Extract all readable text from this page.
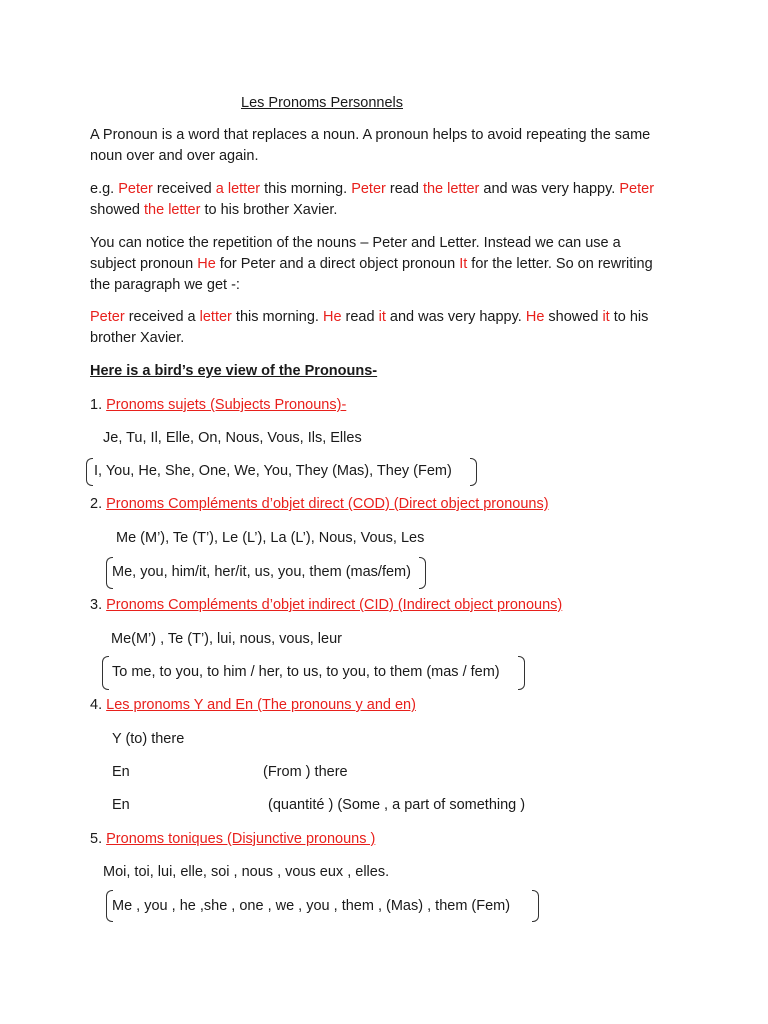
Les Pronoms Personnels
A Pronoun is a word that replaces a noun. A pronoun helps to avoid repeating the same
noun over and over again.
e.g. Peter received a letter this morning. Peter read the letter and was very happy. Peter
showed the letter to his brother Xavier.
You can notice the repetition of the nouns – Peter and Letter. Instead we can use a
subject pronoun He for Peter and a direct object pronoun It for the letter. So on rewriting
the paragraph we get -:
Peter received a letter this morning. He read it and was very happy. He showed it to his
brother Xavier.
Here is a bird’s eye view of the Pronouns-
1. Pronoms sujets (Subjects Pronouns)-
Je, Tu, Il, Elle, On, Nous, Vous, Ils, Elles
I, You, He, She, One, We, You, They (Mas), They (Fem)
2. Pronoms Compléments d’objet direct (COD) (Direct object pronouns)
Me (M’), Te (T’), Le (L’), La (L’), Nous, Vous, Les
Me, you, him/it, her/it, us, you, them (mas/fem)
3. Pronoms Compléments d’objet indirect (CID) (Indirect object pronouns)
Me(M’) , Te (T’), lui, nous, vous, leur
To me, to you, to him / her, to us, to you, to them (mas / fem)
4. Les pronoms Y and En (The pronouns y and en)
Y (to) there
En	(From ) there
En	(quantité ) (Some , a part of something )
5. Pronoms toniques (Disjunctive pronouns )
Moi, toi, lui, elle, soi , nous , vous eux , elles.
Me , you , he ,she , one , we , you , them , (Mas) , them (Fem)
